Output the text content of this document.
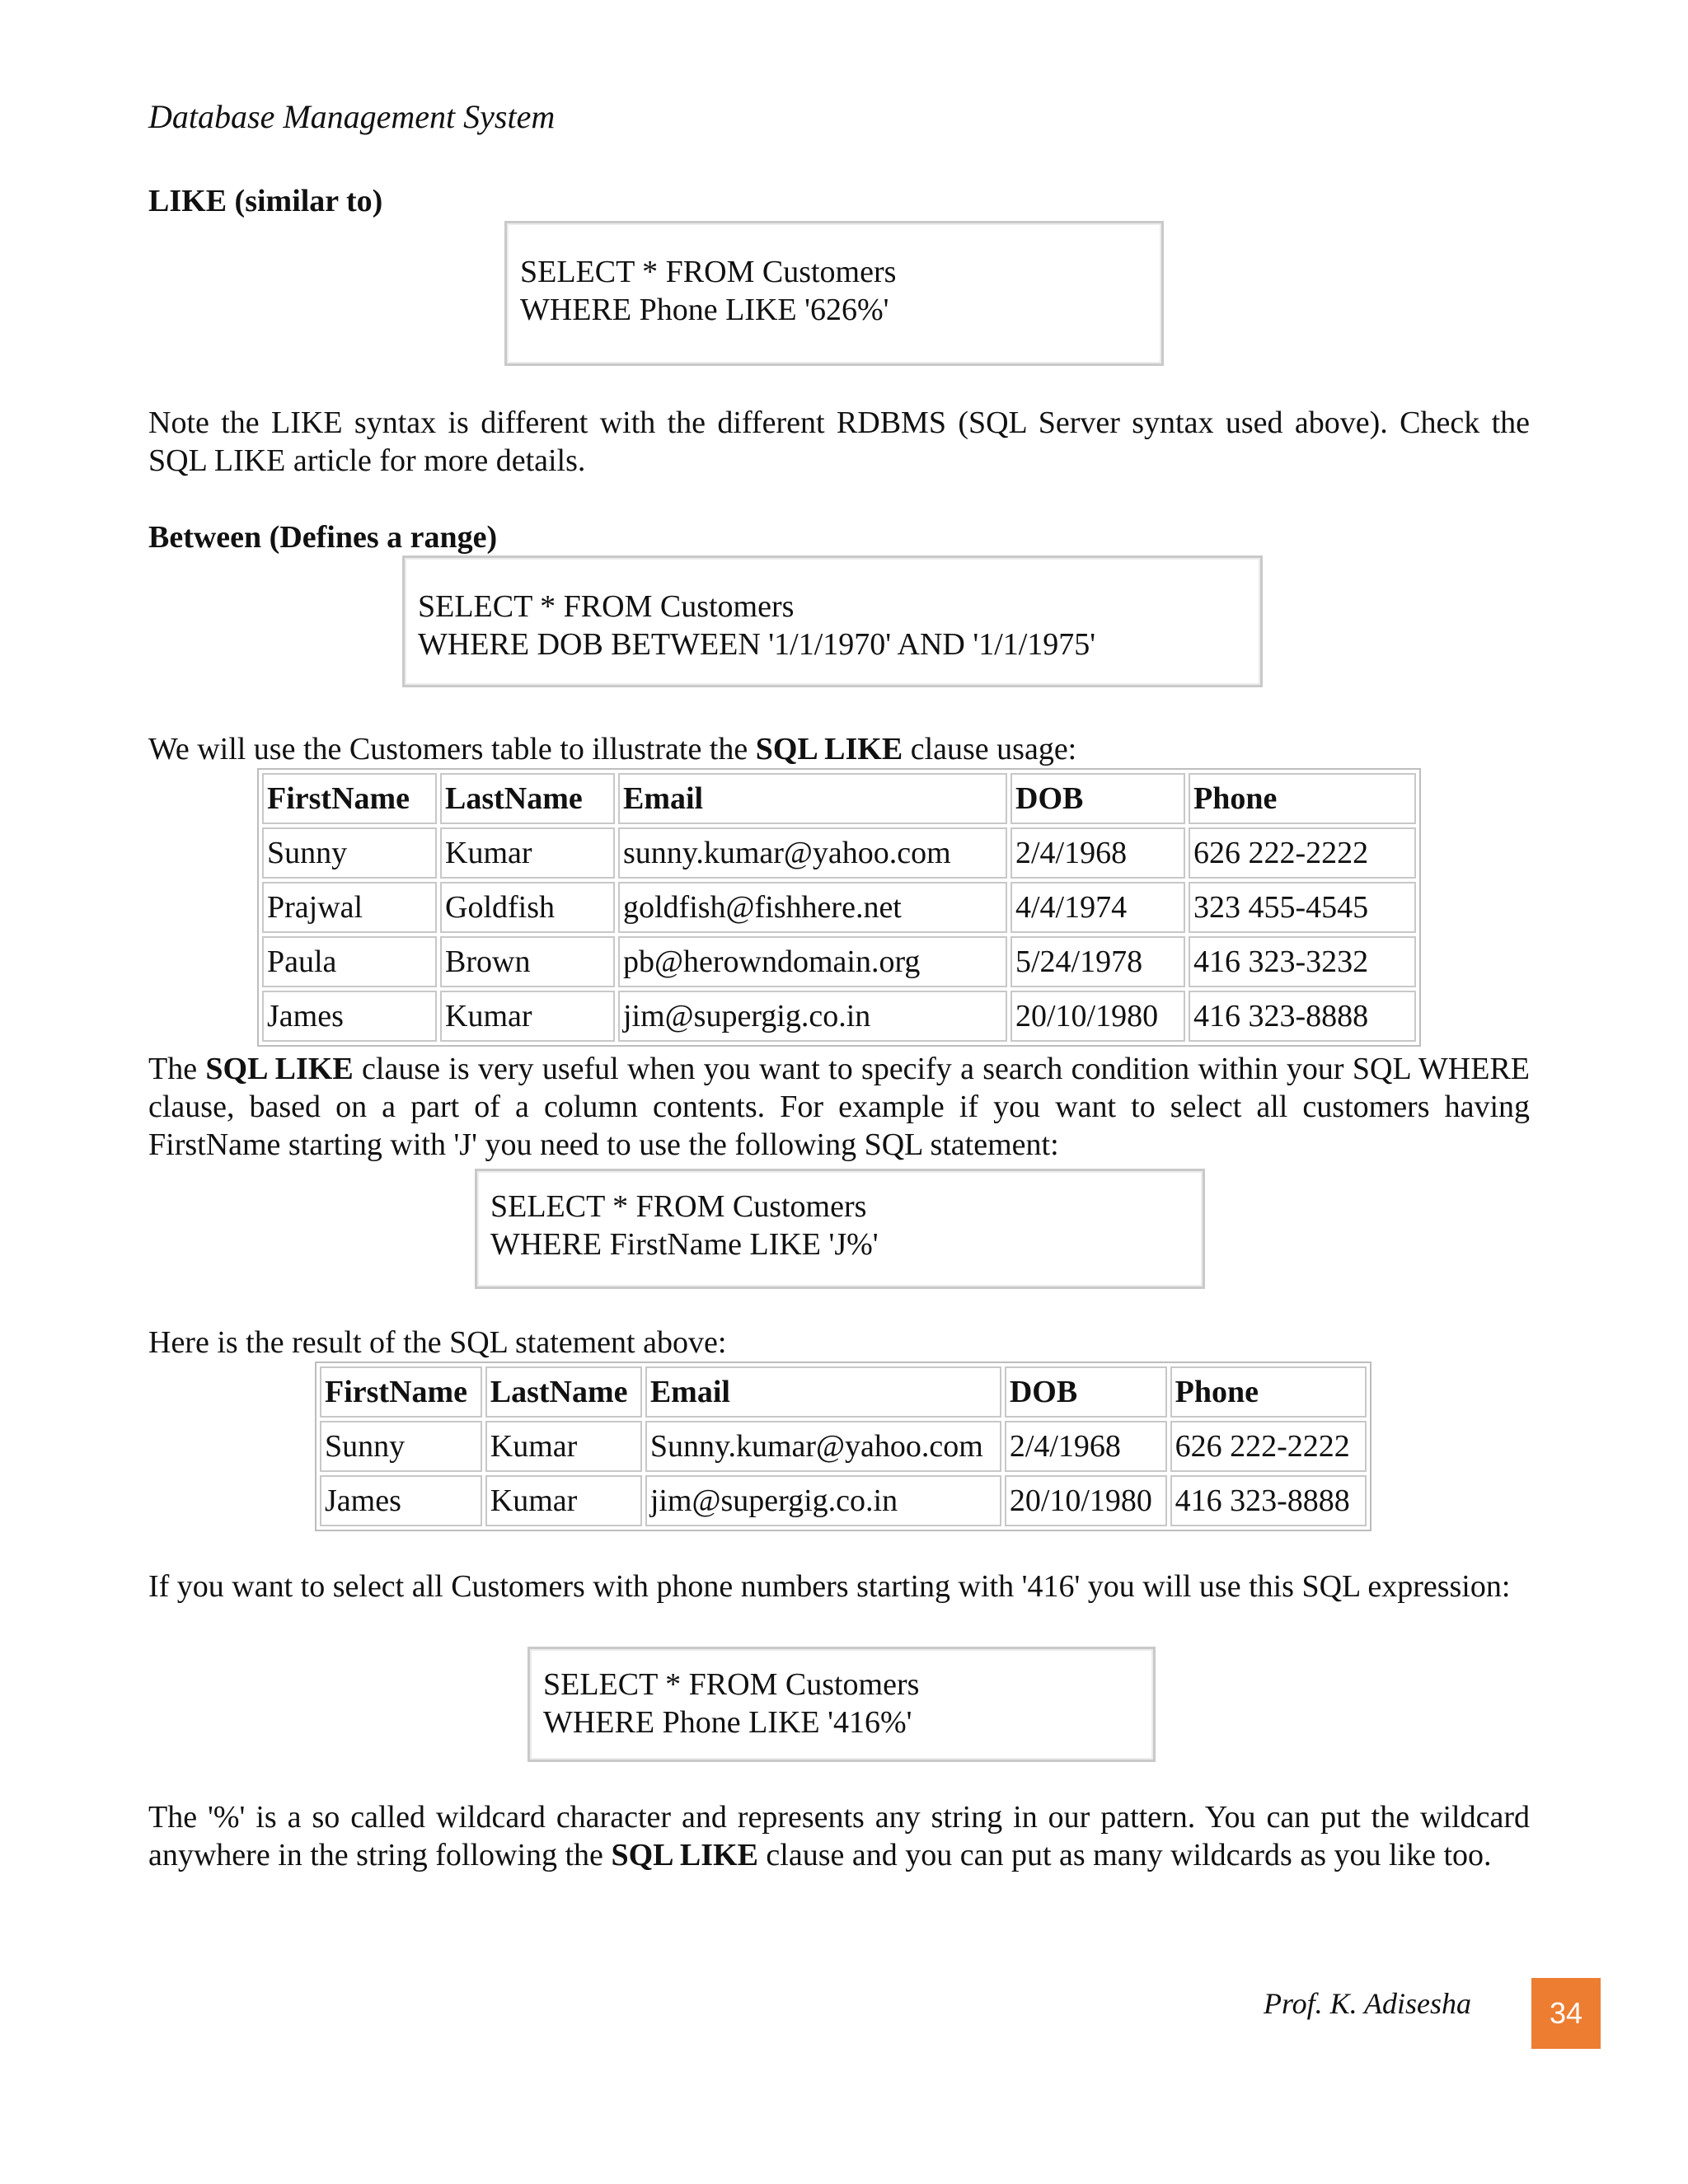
Database Management System
LIKE (similar to)
SELECT * FROM Customers
WHERE Phone LIKE '626%'
Note the LIKE syntax is different with the different RDBMS (SQL Server syntax used above). Check the SQL LIKE article for more details.
Between (Defines a range)
SELECT * FROM Customers
WHERE DOB BETWEEN '1/1/1970' AND '1/1/1975'
We will use the Customers table to illustrate the SQL LIKE clause usage:
FirstName	LastName	Email	DOB	Phone
Sunny	Kumar	sunny.kumar@yahoo.com	2/4/1968	626 222-2222
Prajwal	Goldfish	goldfish@fishhere.net	4/4/1974	323 455-4545
Paula	Brown	pb@herowndomain.org	5/24/1978	416 323-3232
James	Kumar	jim@supergig.co.in	20/10/1980	416 323-8888
The SQL LIKE clause is very useful when you want to specify a search condition within your SQL WHERE clause, based on a part of a column contents. For example if you want to select all customers having FirstName starting with 'J' you need to use the following SQL statement:
SELECT * FROM Customers
WHERE FirstName LIKE 'J%'
Here is the result of the SQL statement above:
FirstName	LastName	Email	DOB	Phone
Sunny	Kumar	Sunny.kumar@yahoo.com	2/4/1968	626 222-2222
James	Kumar	jim@supergig.co.in	20/10/1980	416 323-8888
If you want to select all Customers with phone numbers starting with '416' you will use this SQL expression:
SELECT * FROM Customers
WHERE Phone LIKE '416%'
The '%' is a so called wildcard character and represents any string in our pattern. You can put the wildcard anywhere in the string following the SQL LIKE clause and you can put as many wildcards as you like too.
Prof. K. Adisesha	34
